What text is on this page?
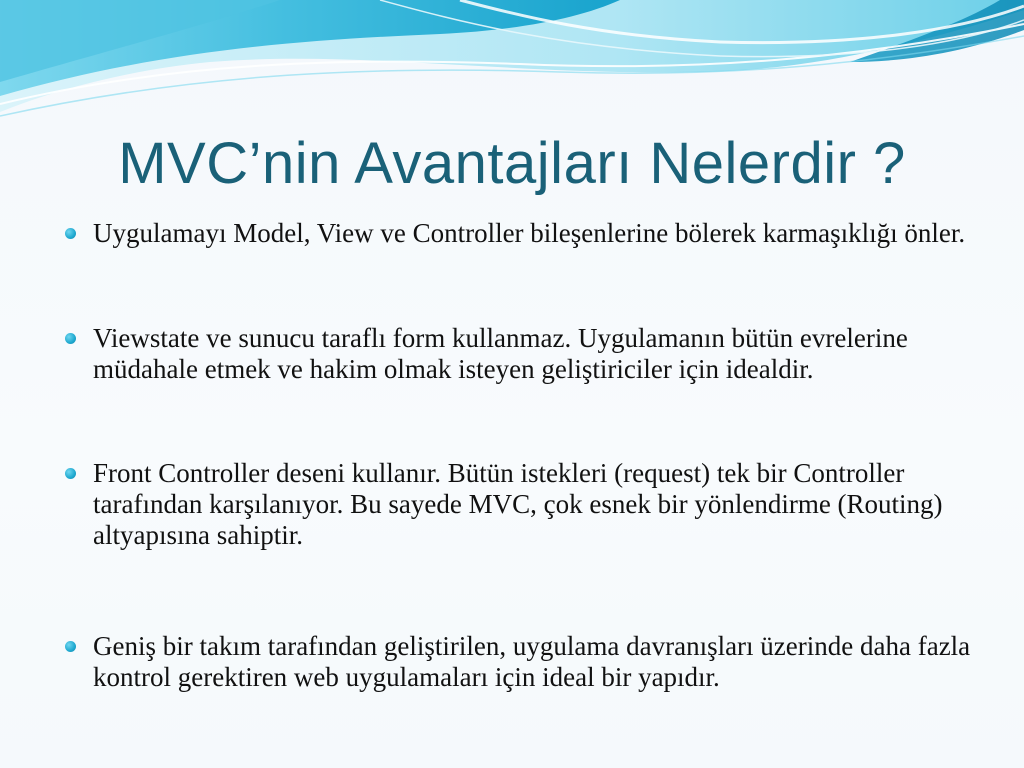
MVC’nin Avantajları Nelerdir ?
Uygulamayı Model, View ve Controller bileşenlerine bölerek karmaşıklığı önler.
Viewstate ve sunucu taraflı form kullanmaz. Uygulamanın bütün evrelerine müdahale etmek ve hakim olmak isteyen geliştiriciler için idealdir.
Front Controller deseni kullanır. Bütün istekleri (request) tek bir Controller tarafından karşılanıyor. Bu sayede MVC, çok esnek bir yönlendirme (Routing) altyapısına sahiptir.
Geniş bir takım tarafından geliştirilen, uygulama davranışları üzerinde daha fazla kontrol gerektiren web uygulamaları için ideal bir yapıdır.
